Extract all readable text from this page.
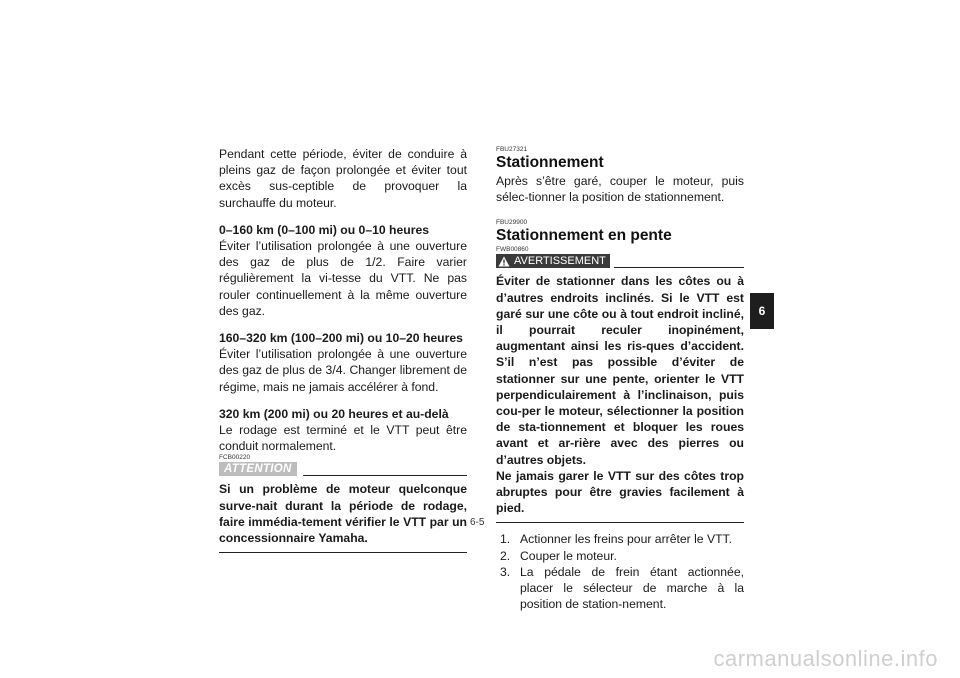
Pendant cette période, éviter de conduire à pleins gaz de façon prolongée et éviter tout excès sus-ceptible de provoquer la surchauffe du moteur.

0–160 km (0–100 mi) ou 0–10 heures

Éviter l’utilisation prolongée à une ouverture des gaz de plus de 1/2. Faire varier régulièrement la vi-tesse du VTT. Ne pas rouler continuellement à la même ouverture des gaz.

160–320 km (100–200 mi) ou 10–20 heures

Éviter l’utilisation prolongée à une ouverture des gaz de plus de 3/4. Changer librement de régime, mais ne jamais accélérer à fond.

320 km (200 mi) ou 20 heures et au-delà

Le rodage est terminé et le VTT peut être conduit normalement.

FCB00220

ATTENTION

Si un problème de moteur quelconque surve-nait durant la période de rodage, faire immédia-tement vérifier le VTT par un concessionnaire Yamaha.

FBU27321

Stationnement

Après s’être garé, couper le moteur, puis sélec-tionner la position de stationnement.

FBU29900

Stationnement en pente

FWB00860

AVERTISSEMENT

Éviter de stationner dans les côtes ou à d’autres endroits inclinés. Si le VTT est garé sur une côte ou à tout endroit incliné, il pourrait reculer inopinément, augmentant ainsi les ris-ques d’accident. S’il n’est pas possible d’éviter de stationner sur une pente, orienter le VTT perpendiculairement à l’inclinaison, puis cou-per le moteur, sélectionner la position de sta-tionnement et bloquer les roues avant et ar-rière avec des pierres ou d’autres objets.

Ne jamais garer le VTT sur des côtes trop abruptes pour être gravies facilement à pied.

1. Actionner les freins pour arrêter le VTT.
2. Couper le moteur.
3. La pédale de frein étant actionnée, placer le sélecteur de marche à la position de station-nement.
6
6-5
carmanualsonline.info
